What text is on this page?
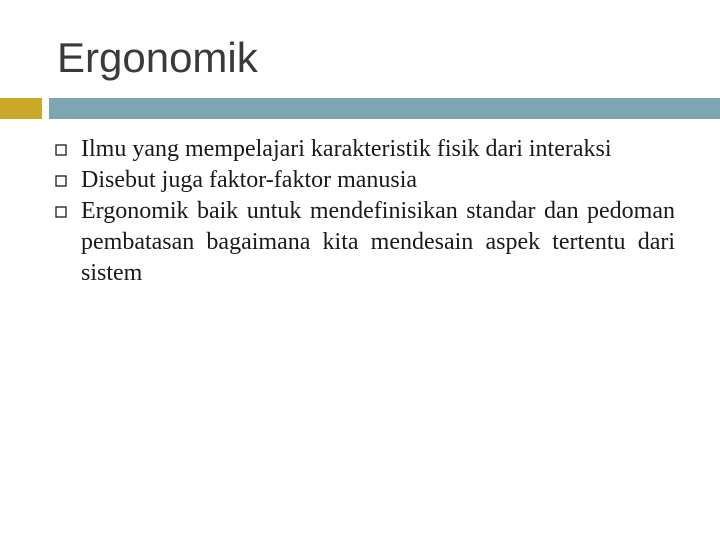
Ergonomik
Ilmu yang mempelajari karakteristik fisik dari interaksi
Disebut juga faktor-faktor manusia
Ergonomik baik untuk mendefinisikan standar dan pedoman pembatasan bagaimana kita mendesain aspek tertentu dari sistem
